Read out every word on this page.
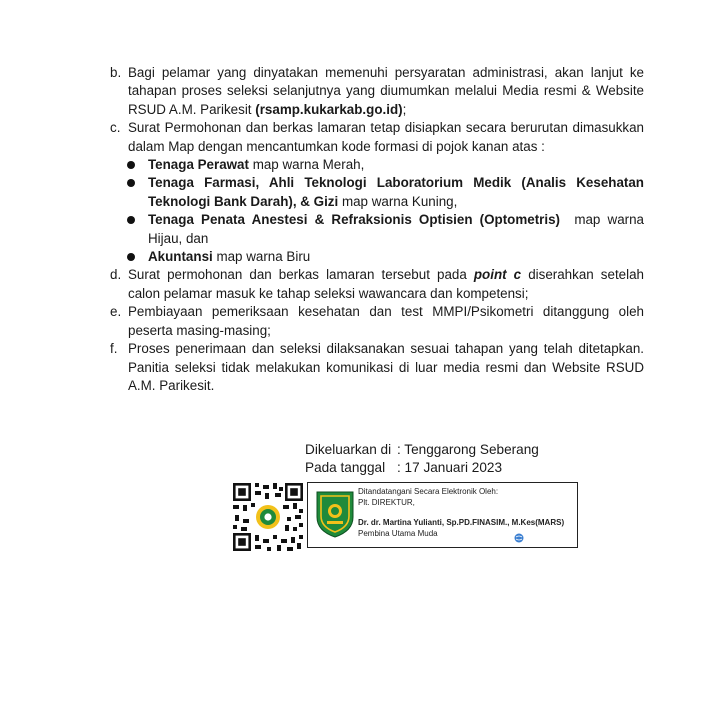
b. Bagi pelamar yang dinyatakan memenuhi persyaratan administrasi, akan lanjut ke tahapan proses seleksi selanjutnya yang diumumkan melalui Media resmi & Website RSUD A.M. Parikesit (rsamp.kukarkab.go.id);

c. Surat Permohonan dan berkas lamaran tetap disiapkan secara berurutan dimasukkan dalam Map dengan mencantumkan kode formasi di pojok kanan atas :

Tenaga Perawat map warna Merah,
Tenaga Farmasi, Ahli Teknologi Laboratorium Medik (Analis Kesehatan Teknologi Bank Darah), & Gizi map warna Kuning,
Tenaga Penata Anestesi & Refraksionis Optisien (Optometris)  map warna Hijau, dan
Akuntansi map warna Biru
d. Surat permohonan dan berkas lamaran tersebut pada point c diserahkan setelah calon pelamar masuk ke tahap seleksi wawancara dan kompetensi;

e. Pembiayaan pemeriksaan kesehatan dan test MMPI/Psikometri ditanggung oleh peserta masing-masing;

f. Proses penerimaan dan seleksi dilaksanakan sesuai tahapan yang telah ditetapkan. Panitia seleksi tidak melakukan komunikasi di luar media resmi dan Website RSUD A.M. Parikesit.

Dikeluarkan di : Tenggarong Seberang
Pada tanggal : 17 Januari 2023
Ditandatangani Secara Elektronik Oleh:
Plt. DIREKTUR,
Dr. dr. Martina Yulianti, Sp.PD.FINASIM., M.Kes(MARS)
Pembina Utama Muda
